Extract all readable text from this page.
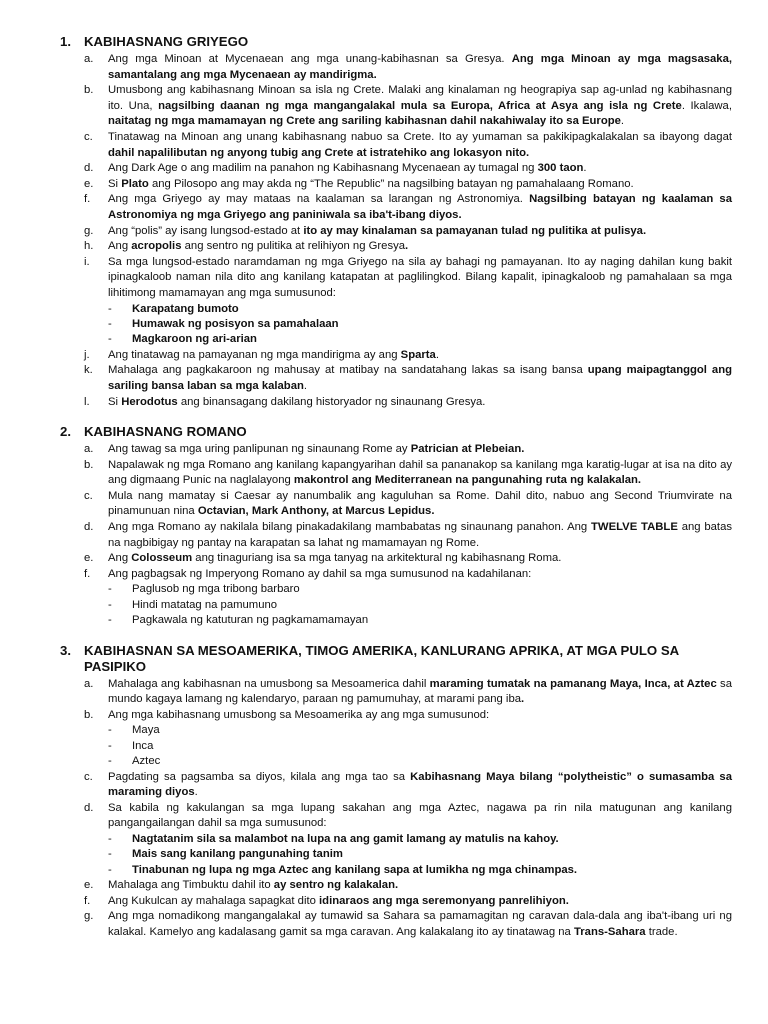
1. KABIHASNANG GRIYEGO
a.	Ang mga Minoan at Mycenaean ang mga unang-kabihasnan sa Gresya. Ang mga Minoan ay mga magsasaka, samantalang ang mga Mycenaean ay mandirigma.
b.	Umusbong ang kabihasnang Minoan sa isla ng Crete. Malaki ang kinalaman ng heograpiya sap ag-unlad ng kabihasnang ito. Una, nagsilbing daanan ng mga mangangalakal mula sa Europa, Africa at Asya ang isla ng Crete. Ikalawa, naitatag ng mga mamamayan ng Crete ang sariling kabihasnan dahil nakahiwalay ito sa Europe.
c.	Tinatawag na Minoan ang unang kabihasnang nabuo sa Crete. Ito ay yumaman sa pakikipagkalakalan sa ibayong dagat dahil napalilibutan ng anyong tubig ang Crete at istratehiko ang lokasyon nito.
d.	Ang Dark Age o ang madilim na panahon ng Kabihasnang Mycenaean ay tumagal ng 300 taon.
e.	Si Plato ang Pilosopo ang may akda ng “The Republic” na nagsilbing batayan ng pamahalaang Romano.
f.	Ang mga Griyego ay may mataas na kaalaman sa larangan ng Astronomiya. Nagsilbing batayan ng kaalaman sa Astronomiya ng mga Griyego ang paniniwala sa iba't-ibang diyos.
g.	Ang “polis” ay isang lungsod-estado at ito ay may kinalaman sa pamayanan tulad ng pulitika at pulisya.
h.	Ang acropolis ang sentro ng pulitika at relihiyon ng Gresya.
i.	Sa mga lungsod-estado naramdaman ng mga Griyego na sila ay bahagi ng pamayanan. Ito ay naging dahilan kung bakit ipinagkaloob naman nila dito ang kanilang katapatan at paglilingkod. Bilang kapalit, ipinagkaloob ng pamahalaan sa mga lihitimong mamamayan ang mga sumusunod:
-	Karapatang bumoto
-	Humawak ng posisyon sa pamahalaan
-	Magkaroon ng ari-arian
j.	Ang tinatawag na pamayanan ng mga mandirigma ay ang Sparta.
k.	Mahalaga ang pagkakaroon ng mahusay at matibay na sandatahang lakas sa isang bansa upang maipagtanggol ang sariling bansa laban sa mga kalaban.
l.	Si Herodotus ang binansagang dakilang historyador ng sinaunang Gresya.
2. KABIHASNANG ROMANO
a.	Ang tawag sa mga uring panlipunan ng sinaunang Rome ay Patrician at Plebeian.
b.	Napalawak ng mga Romano ang kanilang kapangyarihan dahil sa pananakop sa kanilang mga karatig-lugar at isa na dito ay ang digmaang Punic na naglalayong makontrol ang Mediterranean na pangunahing ruta ng kalakalan.
c.	Mula nang mamatay si Caesar ay nanumbalik ang kaguluhan sa Rome. Dahil dito, nabuo ang Second Triumvirate na pinamunuan nina Octavian, Mark Anthony, at Marcus Lepidus.
d.	Ang mga Romano ay nakilala bilang pinakadakilang mambabatas ng sinaunang panahon. Ang TWELVE TABLE ang batas na nagbibigay ng pantay na karapatan sa lahat ng mamamayan ng Rome.
e.	Ang Colosseum ang tinaguriang isa sa mga tanyag na arkitektural ng kabihasnang Roma.
f.	Ang pagbagsak ng Imperyong Romano ay dahil sa mga sumusunod na kadahilanan:
-	Paglusob ng mga tribong barbaro
-	Hindi matatag na pamumuno
-	Pagkawala ng katuturan ng pagkamamamayan
3. KABIHASNAN SA MESOAMERIKA, TIMOG AMERIKA, KANLURANG APRIKA, AT MGA PULO SA PASIPIKO
a.	Mahalaga ang kabihasnan na umusbong sa Mesoamerica dahil maraming tumatak na pamanang Maya, Inca, at Aztec sa mundo kagaya lamang ng kalendaryo, paraan ng pamumuhay, at marami pang iba.
b.	Ang mga kabihasnang umusbong sa Mesoamerika ay ang mga sumusunod:
-	Maya
-	Inca
-	Aztec
c.	Pagdating sa pagsamba sa diyos, kilala ang mga tao sa Kabihasnang Maya bilang “polytheistic” o sumasamba sa maraming diyos.
d.	Sa kabila ng kakulangan sa mga lupang sakahan ang mga Aztec, nagawa pa rin nila matugunan ang kanilang pangangailangan dahil sa mga sumusunod:
-	Nagtatanim sila sa malambot na lupa na ang gamit lamang ay matulis na kahoy.
-	Mais sang kanilang pangunahing tanim
-	Tinabunan ng lupa ng mga Aztec ang kanilang sapa at lumikha ng mga chinampas.
e.	Mahalaga ang Timbuktu dahil ito ay sentro ng kalakalan.
f.	Ang Kukulcan ay mahalaga sapagkat dito idinaraos ang mga seremonyang panrelihiyon.
g.	Ang mga nomadikong mangangalakal ay tumawid sa Sahara sa pamamagitan ng caravan dala-dala ang iba't-ibang uri ng kalakal. Kamelyo ang kadalasang gamit sa mga caravan. Ang kalakalang ito ay tinatawag na Trans-Sahara trade.
